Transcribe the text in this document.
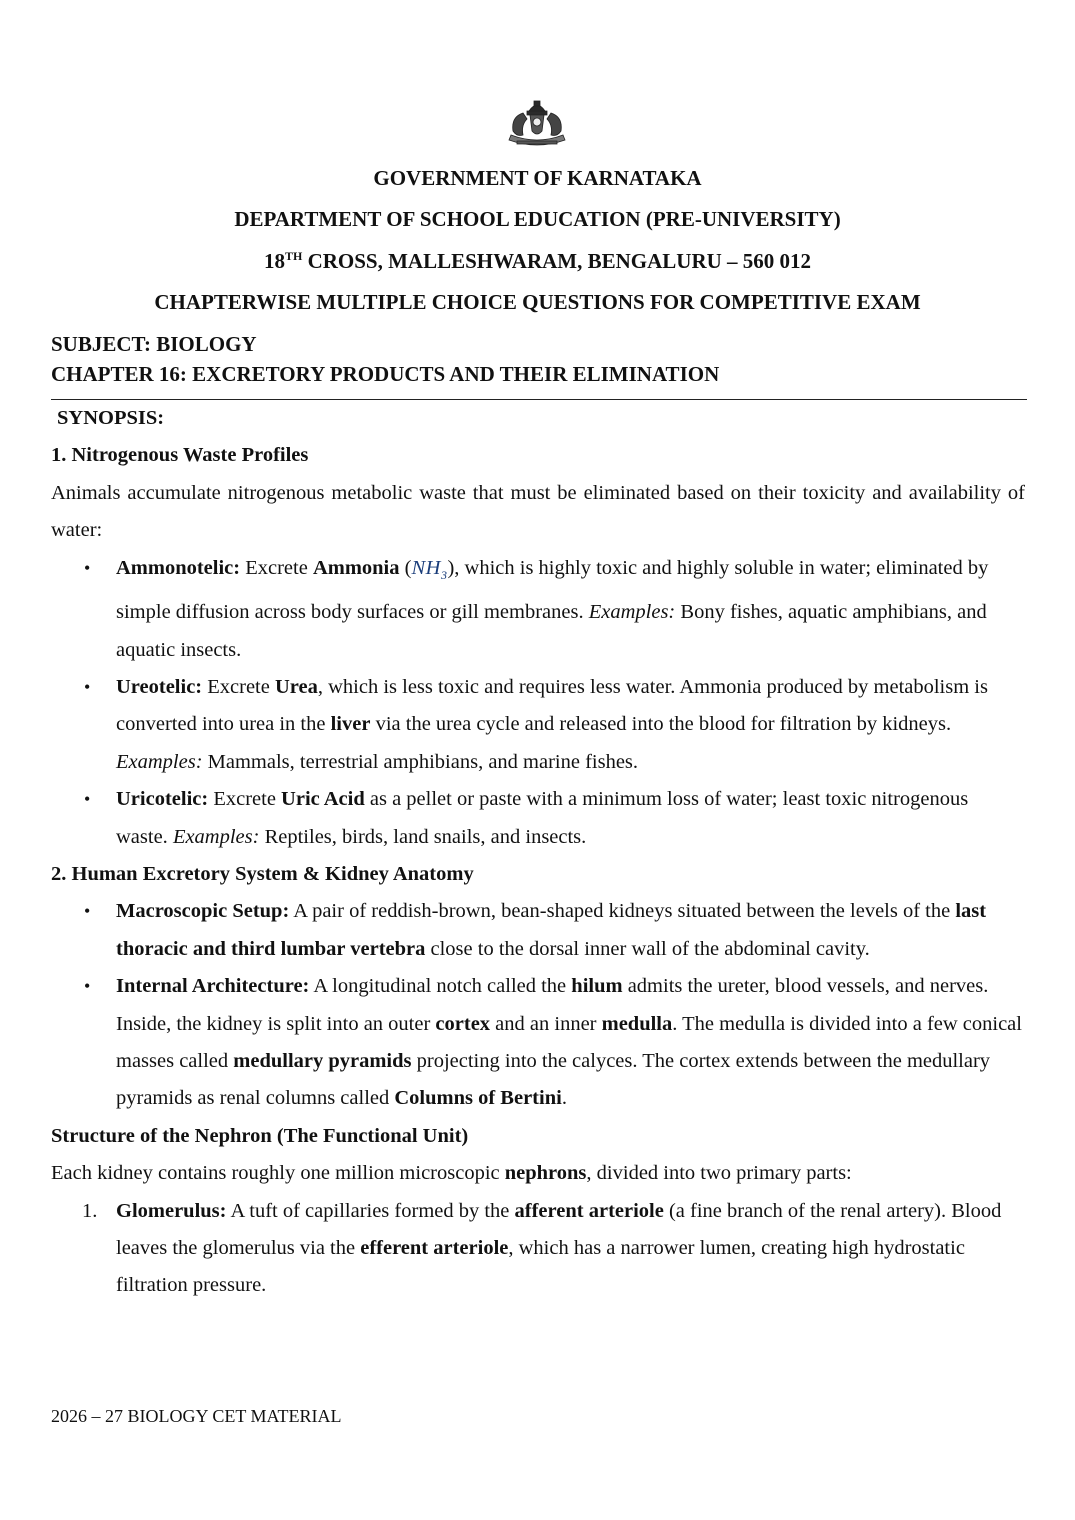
GOVERNMENT OF KARNATAKA
DEPARTMENT OF SCHOOL EDUCATION (PRE-UNIVERSITY)
18TH CROSS, MALLESHWARAM, BENGALURU – 560 012
CHAPTERWISE MULTIPLE CHOICE QUESTIONS FOR COMPETITIVE EXAM
SUBJECT: BIOLOGY
CHAPTER 16: EXCRETORY PRODUCTS AND THEIR ELIMINATION

SYNOPSIS:

1. Nitrogenous Waste Profiles

Animals accumulate nitrogenous metabolic waste that must be eliminated based on their toxicity and availability of water:

• Ammonotelic: Excrete Ammonia $(NH_3)$, which is highly toxic and highly soluble in water; eliminated by simple diffusion across body surfaces or gill membranes. Examples: Bony fishes, aquatic amphibians, and aquatic insects.
• Ureotelic: Excrete Urea, which is less toxic and requires less water. Ammonia produced by metabolism is converted into urea in the liver via the urea cycle and released into the blood for filtration by kidneys. Examples: Mammals, terrestrial amphibians, and marine fishes.
• Uricotelic: Excrete Uric Acid as a pellet or paste with a minimum loss of water; least toxic nitrogenous waste. Examples: Reptiles, birds, land snails, and insects.

2. Human Excretory System & Kidney Anatomy

• Macroscopic Setup: A pair of reddish-brown, bean-shaped kidneys situated between the levels of the last thoracic and third lumbar vertebra close to the dorsal inner wall of the abdominal cavity.
• Internal Architecture: A longitudinal notch called the hilum admits the ureter, blood vessels, and nerves. Inside, the kidney is split into an outer cortex and an inner medulla. The medulla is divided into a few conical masses called medullary pyramids projecting into the calyces. The cortex extends between the medullary pyramids as renal columns called Columns of Bertini.

Structure of the Nephron (The Functional Unit)

Each kidney contains roughly one million microscopic nephrons, divided into two primary parts:

1. Glomerulus: A tuft of capillaries formed by the afferent arteriole (a fine branch of the renal artery). Blood leaves the glomerulus via the efferent arteriole, which has a narrower lumen, creating high hydrostatic filtration pressure.
2026 – 27 BIOLOGY CET MATERIAL
